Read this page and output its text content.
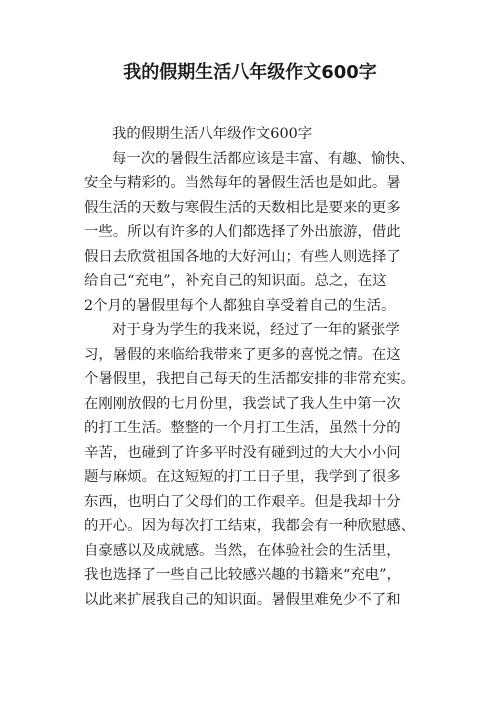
我的假期生活八年级作文600字
我的假期生活八年级作文600字
每一次的暑假生活都应该是丰富、有趣、愉快、
安全与精彩的。当然每年的暑假生活也是如此。暑
假生活的天数与寒假生活的天数相比是要来的更多
一些。所以有许多的人们都选择了外出旅游，借此
假日去欣赏祖国各地的大好河山；有些人则选择了
给自己“充电”，补充自己的知识面。总之，在这
2个月的暑假里每个人都独自享受着自己的生活。
对于身为学生的我来说，经过了一年的紧张学
习，暑假的来临给我带来了更多的喜悦之情。在这
个暑假里，我把自己每天的生活都安排的非常充实。
在刚刚放假的七月份里，我尝试了我人生中第一次
的打工生活。整整的一个月打工生活，虽然十分的
辛苦，也碰到了许多平时没有碰到过的大大小小问
题与麻烦。在这短短的打工日子里，我学到了很多
东西，也明白了父母们的工作艰辛。但是我却十分
的开心。因为每次打工结束，我都会有一种欣慰感、
自豪感以及成就感。当然，在体验社会的生活里，
我也选择了一些自己比较感兴趣的书籍来“充电”，
以此来扩展我自己的知识面。暑假里难免少不了和
